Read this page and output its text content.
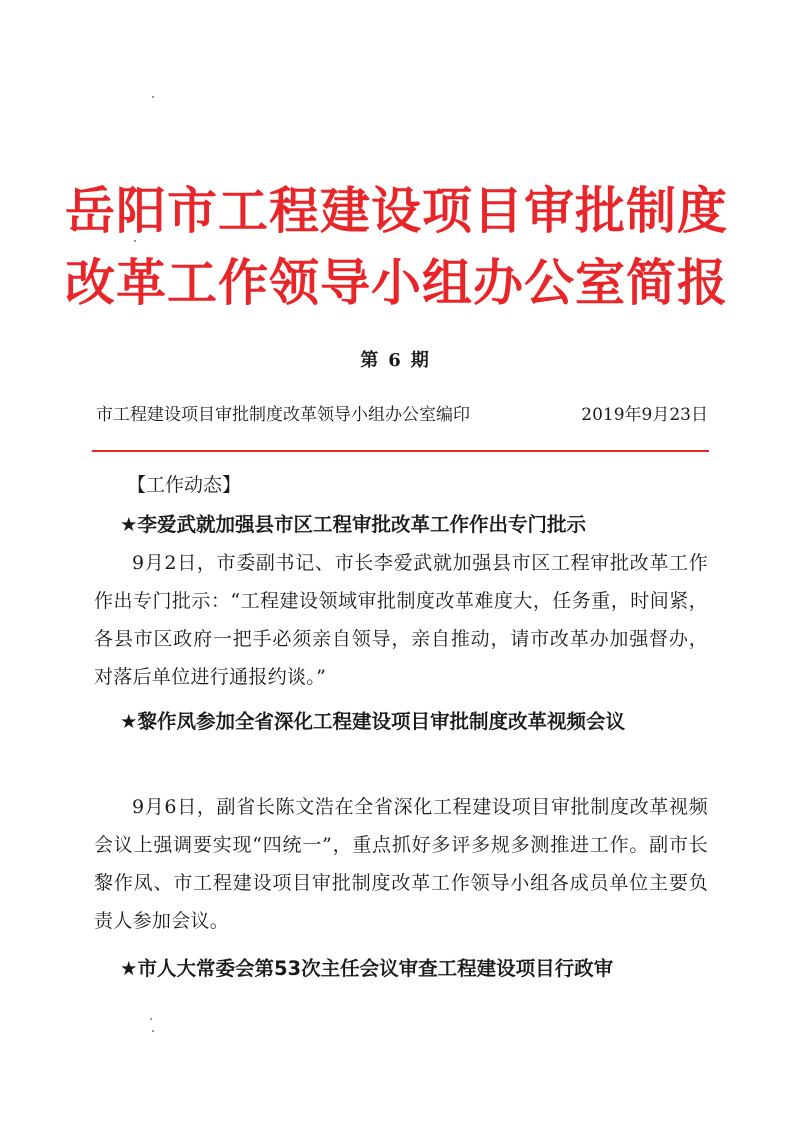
岳阳市工程建设项目审批制度
改革工作领导小组办公室简报
第 6 期
市工程建设项目审批制度改革领导小组办公室编印	2019年9月23日
【工作动态】

★李爱武就加强县市区工程审批改革工作作出专门批示

9月2日，市委副书记、市长李爱武就加强县市区工程审批改革工作作出专门批示：“工程建设领域审批制度改革难度大，任务重，时间紧，各县市区政府一把手必须亲自领导，亲自推动，请市改革办加强督办，对落后单位进行通报约谈。”

★黎作凤参加全省深化工程建设项目审批制度改革视频会议

9月6日，副省长陈文浩在全省深化工程建设项目审批制度改革视频会议上强调要实现“四统一”，重点抓好多评多规多测推进工作。副市长黎作凤、市工程建设项目审批制度改革工作领导小组各成员单位主要负责人参加会议。

★市人大常委会第53次主任会议审查工程建设项目行政审
